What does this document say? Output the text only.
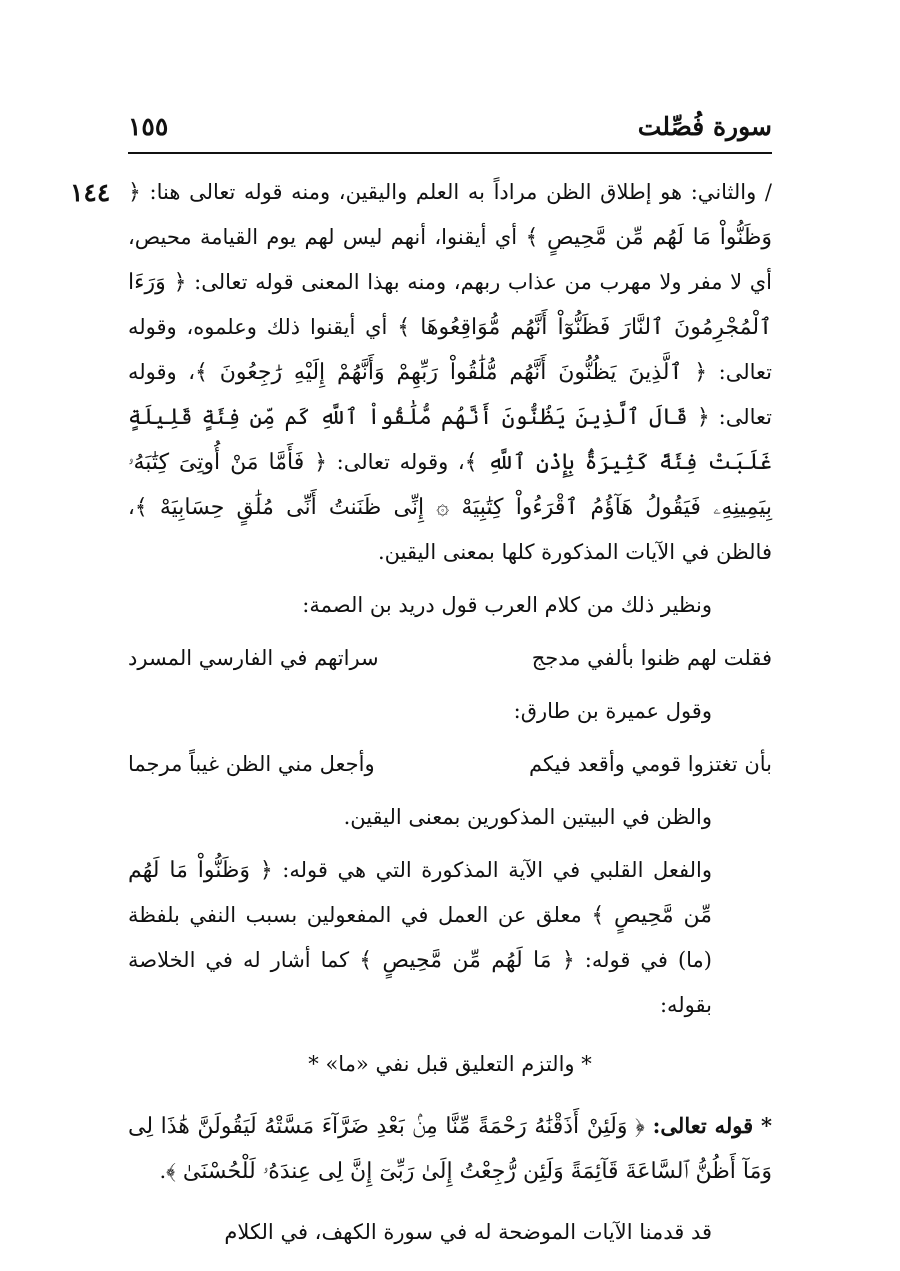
سورة فُصِّلت
١٥٥
١٤٤	/ والثاني: هو إطلاق الظن مراداً به العلم واليقين، ومنه قوله تعالى هنا: ﴿ وَظَنُّواْ مَا لَهُم مِّن مَّحِيصٍ ﴾ أي أيقنوا، أنهم ليس لهم يوم القيامة محيص، أي لا مفر ولا مهرب من عذاب ربهم، ومنه بهذا المعنى قوله تعالى: ﴿ وَرَءَا ٱلْمُجْرِمُونَ ٱلنَّارَ فَظَنُّوٓاْ أَنَّهُم مُّوَاقِعُوهَا ﴾ أي أيقنوا ذلك وعلموه، وقوله تعالى: ﴿ ٱلَّذِينَ يَظُنُّونَ أَنَّهُم مُّلَٰقُواْ رَبِّهِمْ وَأَنَّهُمْ إِلَيْهِ رَٰجِعُونَ ﴾، وقوله تعالى: ﴿ قَالَ ٱلَّذِينَ يَظُنُّونَ أَنَّهُم مُّلَٰقُواْ ٱللَّهِ كَم مِّن فِئَةٍ قَلِيلَةٍ غَلَبَتْ فِئَةً كَثِيرَةًۢ بِإِذْنِ ٱللَّهِ ﴾، وقوله تعالى: ﴿ فَأَمَّا مَنْ أُوتِىَ كِتَٰبَهُۥ بِيَمِينِهِۦ فَيَقُولُ هَآؤُمُ ٱقْرَءُواْ كِتَٰبِيَهْ ۞ إِنِّى ظَنَنتُ أَنِّى مُلَٰقٍ حِسَابِيَهْ ﴾، فالظن في الآيات المذكورة كلها بمعنى اليقين.

ونظير ذلك من كلام العرب قول دريد بن الصمة:

فقلت لهم ظنوا بألفي مدجج
سراتهم في الفارسي المسرد

وقول عميرة بن طارق:

بأن تغتزوا قومي وأقعد فيكم
وأجعل مني الظن غيباً مرجما

والظن في البيتين المذكورين بمعنى اليقين.

والفعل القلبي في الآية المذكورة التي هي قوله: ﴿ وَظَنُّواْ مَا لَهُم مِّن مَّحِيصٍ ﴾ معلق عن العمل في المفعولين بسبب النفي بلفظة (ما) في قوله: ﴿ مَا لَهُم مِّن مَّحِيصٍ ﴾ كما أشار له في الخلاصة بقوله:

* والتزم التعليق قبل نفي «ما» *

* قوله تعالى: ﴿ وَلَئِنْ أَذَقْنَٰهُ رَحْمَةً مِّنَّا مِنۢ بَعْدِ ضَرَّآءَ مَسَّتْهُ لَيَقُولَنَّ هَٰذَا لِى وَمَآ أَظُنُّ ٱلسَّاعَةَ قَآئِمَةً وَلَئِن رُّجِعْتُ إِلَىٰ رَبِّىٓ إِنَّ لِى عِندَهُۥ لَلْحُسْنَىٰ ﴾.

قد قدمنا الآيات الموضحة له في سورة الكهف، في الكلام
